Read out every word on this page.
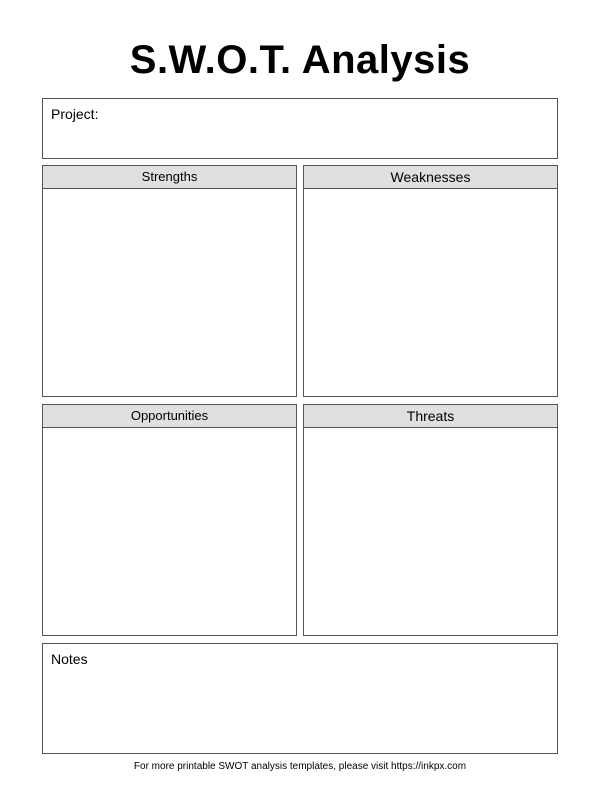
S.W.O.T. Analysis
Project:
Strengths	Weaknesses
Opportunities	Threats
Notes
For more printable SWOT analysis templates, please visit https://inkpx.com
